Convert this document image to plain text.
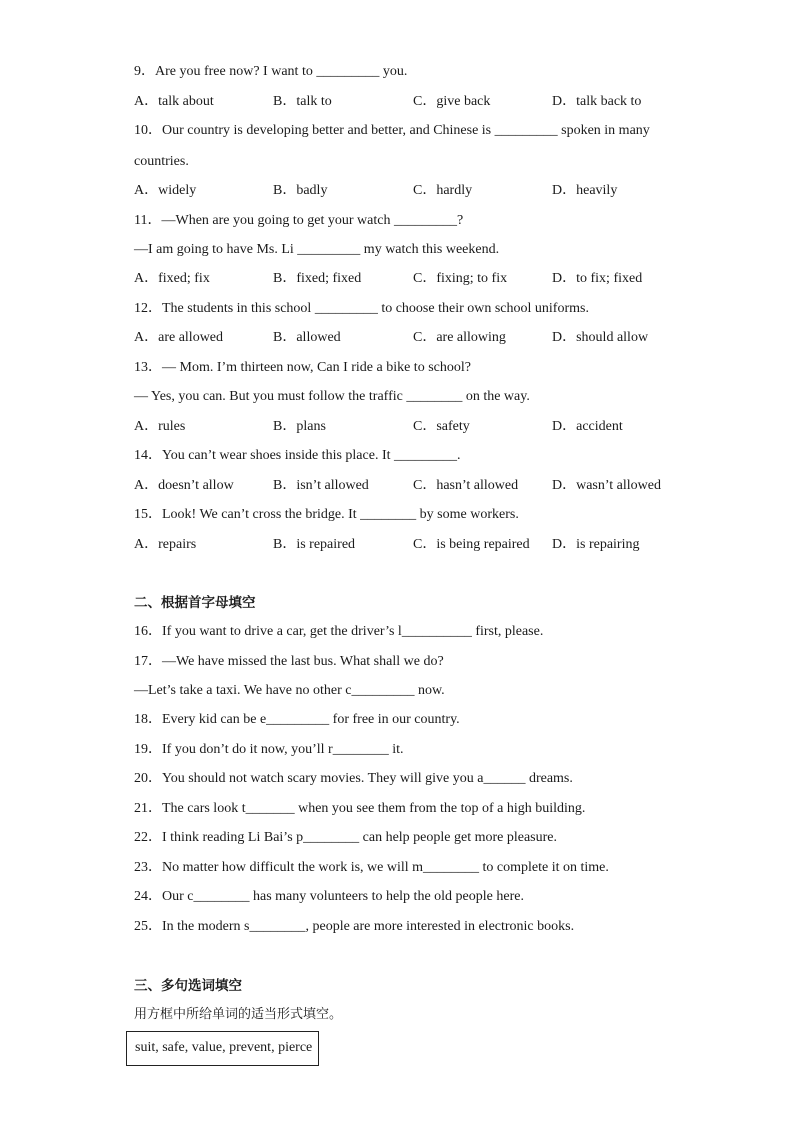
9．Are you free now? I want to _________ you.
A．talk about	B．talk to	C．give back	D．talk back to
10．Our country is developing better and better, and Chinese is _________ spoken in many
countries.
A．widely	B．badly	C．hardly	D．heavily
11．—When are you going to get your watch _________?
—I am going to have Ms. Li _________ my watch this weekend.
A．fixed; fix	B．fixed; fixed	C．fixing; to fix	D．to fix; fixed
12．The students in this school _________ to choose their own school uniforms.
A．are allowed	B．allowed	C．are allowing	D．should allow
13．— Mom. I’m thirteen now, Can I ride a bike to school?
— Yes, you can. But you must follow the traffic ________ on the way.
A．rules	B．plans	C．safety	D．accident
14．You can’t wear shoes inside this place. It _________.
A．doesn’t allow	B．isn’t allowed	C．hasn’t allowed D．wasn’t allowed
15．Look! We can’t cross the bridge. It ________ by some workers.
A．repairs	B．is repaired	C．is being repaired D．is repairing
二、根据首字母填空
16．If you want to drive a car, get the driver’s l__________ first, please.
17．—We have missed the last bus. What shall we do?
—Let’s take a taxi. We have no other c_________ now.
18．Every kid can be e_________ for free in our country.
19．If you don’t do it now, you’ll r________ it.
20．You should not watch scary movies. They will give you a______ dreams.
21．The cars look t_______ when you see them from the top of a high building.
22．I think reading Li Bai’s p________ can help people get more pleasure.
23．No matter how difficult the work is, we will m________ to complete it on time.
24．Our c________ has many volunteers to help the old people here.
25．In the modern s________, people are more interested in electronic books.
三、多句选词填空
用方框中所给单词的适当形式填空。
suit, safe, value, prevent, pierce
